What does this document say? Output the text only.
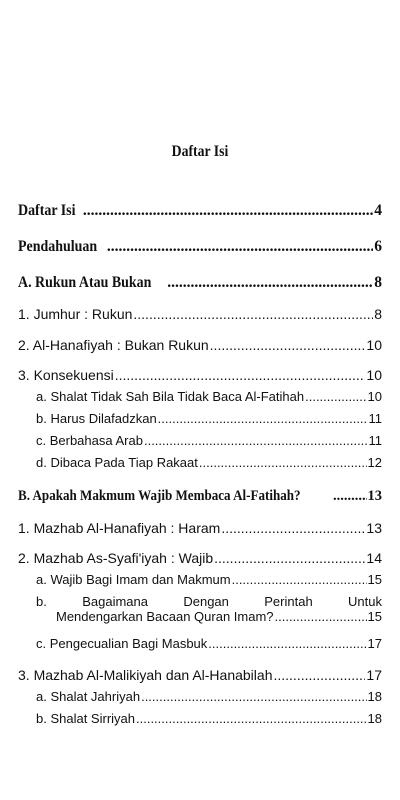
Daftar Isi
Daftar Isi .....	4
Pendahuluan .....	6
A. Rukun Atau Bukan .....	8
1. Jumhur : Rukun .....	8
2. Al-Hanafiyah : Bukan Rukun .....	10
3. Konsekuensi .....	10
a. Shalat Tidak Sah Bila Tidak Baca Al-Fatihah .....	10
b. Harus Dilafadzkan .....	11
c. Berbahasa Arab .....	11
d. Dibaca Pada Tiap Rakaat .....	12
B. Apakah Makmum Wajib Membaca Al-Fatihah? .....	13
1. Mazhab Al-Hanafiyah : Haram .....	13
2. Mazhab As-Syafi'iyah : Wajib .....	14
a. Wajib Bagi Imam dan Makmum .....	15
b.	Bagaimana	Dengan	Perintah	Untuk
Mendengarkan Bacaan Quran Imam? .....	15
c. Pengecualian Bagi Masbuk .....	17
3. Mazhab Al-Malikiyah dan Al-Hanabilah .....	17
a. Shalat Jahriyah .....	18
b. Shalat Sirriyah .....	18
